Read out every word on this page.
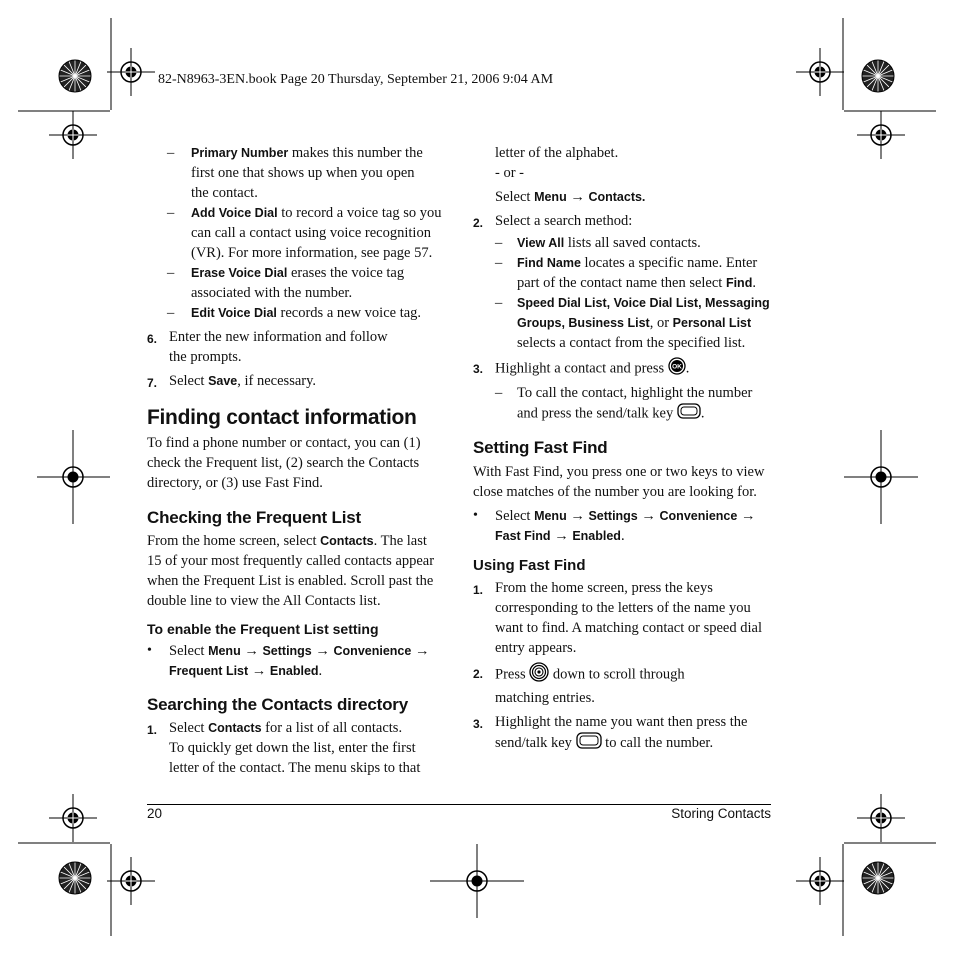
82-N8963-3EN.book Page 20 Thursday, September 21, 2006 9:04 AM
– Primary Number makes this number the
first one that shows up when you open
the contact.
– Add Voice Dial to record a voice tag so you
can call a contact using voice recognition
(VR). For more information, see page 57.
– Erase Voice Dial erases the voice tag
associated with the number.
– Edit Voice Dial records a new voice tag.
6. Enter the new information and follow
the prompts.
7. Select Save, if necessary.
Finding contact information
To find a phone number or contact, you can (1)
check the Frequent list, (2) search the Contacts
directory, or (3) use Fast Find.
Checking the Frequent List
From the home screen, select Contacts. The last
15 of your most frequently called contacts appear
when the Frequent List is enabled. Scroll past the
double line to view the All Contacts list.
To enable the Frequent List setting
• Select Menu → Settings → Convenience →
Frequent List → Enabled.
Searching the Contacts directory
1. Select Contacts for a list of all contacts.
To quickly get down the list, enter the first
letter of the contact. The menu skips to that
letter of the alphabet.
- or -
Select Menu → Contacts.
2. Select a search method:
– View All lists all saved contacts.
– Find Name locates a specific name. Enter
part of the contact name then select Find.
– Speed Dial List, Voice Dial List, Messaging
Groups, Business List, or Personal List
selects a contact from the specified list.
3. Highlight a contact and press OK .
– To call the contact, highlight the number
and press the send/talk key .
Setting Fast Find
With Fast Find, you press one or two keys to view
close matches of the number you are looking for.
• Select Menu → Settings → Convenience →
Fast Find → Enabled.
Using Fast Find
1. From the home screen, press the keys
corresponding to the letters of the name you
want to find. A matching contact or speed dial
entry appears.
2. Press  down to scroll through
matching entries.
3. Highlight the name you want then press the
send/talk key  to call the number.
20	Storing Contacts
